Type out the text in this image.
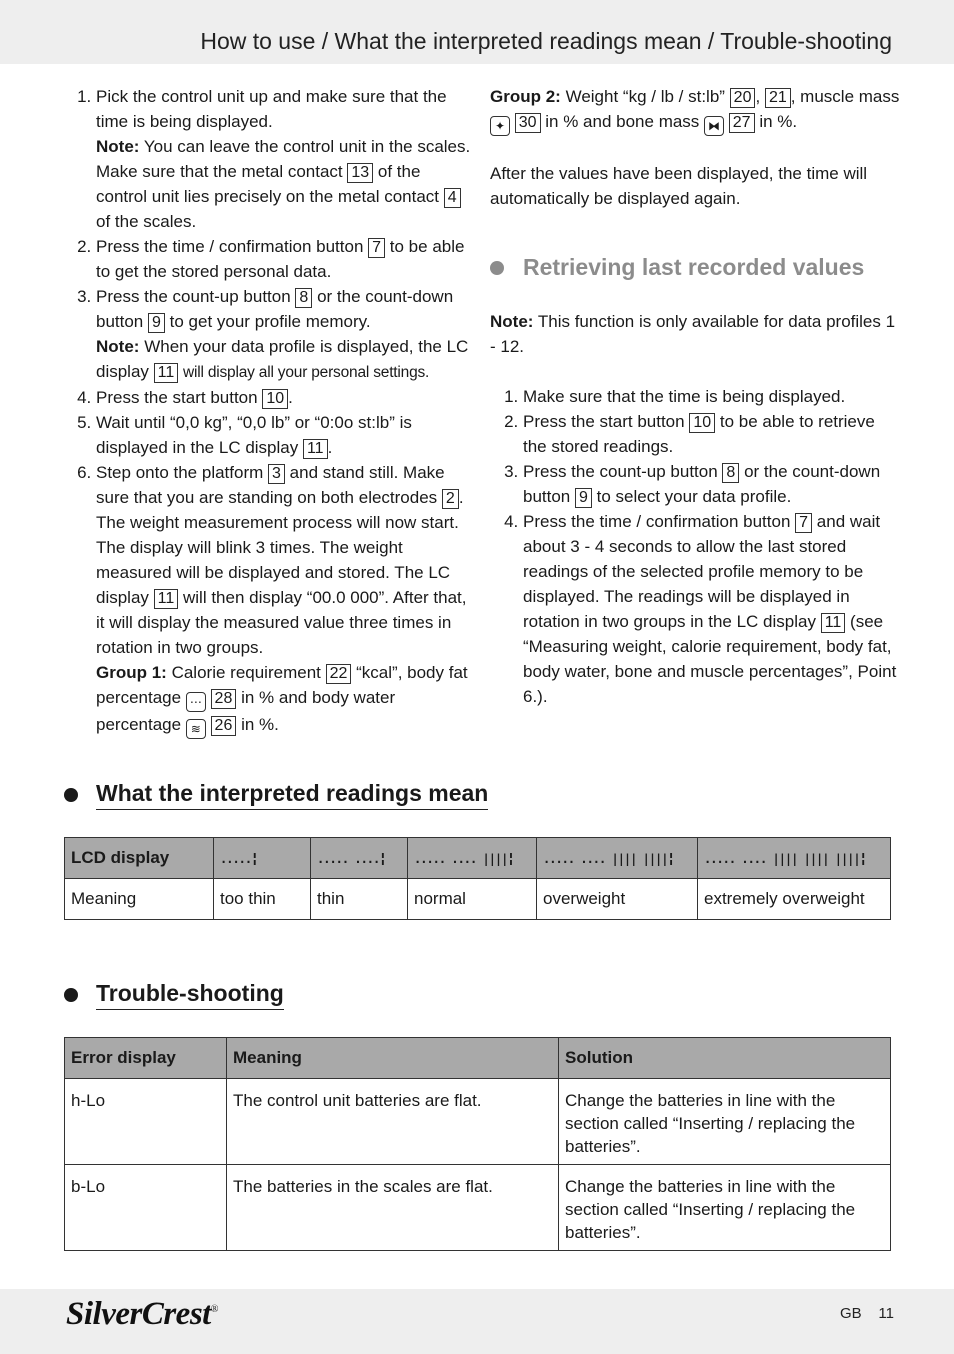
How to use / What the interpreted readings mean / Trouble-shooting
1. Pick the control unit up and make sure that the time is being displayed.
Note: You can leave the control unit in the scales. Make sure that the metal contact 13 of the control unit lies precisely on the metal contact 4 of the scales.
2. Press the time / confirmation button 7 to be able to get the stored personal data.
3. Press the count-up button 8 or the count-down button 9 to get your profile memory.
Note: When your data profile is displayed, the LC display 11 will display all your personal settings.
4. Press the start button 10 .
5. Wait until “0,0 kg”, “0,0 lb” or “0:0o st:lb” is displayed in the LC display 11 .
6. Step onto the platform 3 and stand still. Make sure that you are standing on both electrodes 2 . The weight measurement process will now start. The display will blink 3 times. The weight measured will be displayed and stored. The LC display 11 will then display “00.0 000”. After that, it will display the measured value three times in rotation in two groups.
Group 1: Calorie requirement 22 “kcal”, body fat percentage ⋯ 28 in % and body water percentage ≋ 26 in %.
Group 2: Weight “kg / lb / st:lb” 20 , 21 , muscle mass ✦ 30 in % and bone mass ⧓ 27 in %.
After the values have been displayed, the time will automatically be displayed again.
Retrieving last recorded values
Note: This function is only available for data profiles 1 - 12.
1. Make sure that the time is being displayed.
2. Press the start button 10 to be able to retrieve the stored readings.
3. Press the count-up button 8 or the count-down button 9 to select your data profile.
4. Press the time / confirmation button 7 and wait about 3 - 4 seconds to allow the last stored readings of the selected profile memory to be displayed. The readings will be displayed in rotation in two groups in the LC display 11 (see “Measuring weight, calorie requirement, body fat, body water, bone and muscle percentages”, Point 6.).
What the interpreted readings mean
LCD display	.....╏	..... ....╏	..... .... ||||╏	..... .... |||| ||||╏	..... .... |||| |||| ||||╏
Meaning	too thin	thin	normal	overweight	extremely overweight
Trouble-shooting
Error display	Meaning	Solution
h-Lo	The control unit batteries are flat.	Change the batteries in line with the section called “Inserting / replacing the batteries”.
b-Lo	The batteries in the scales are flat.	Change the batteries in line with the section called “Inserting / replacing the batteries”.
SilverCrest®	GB 11
